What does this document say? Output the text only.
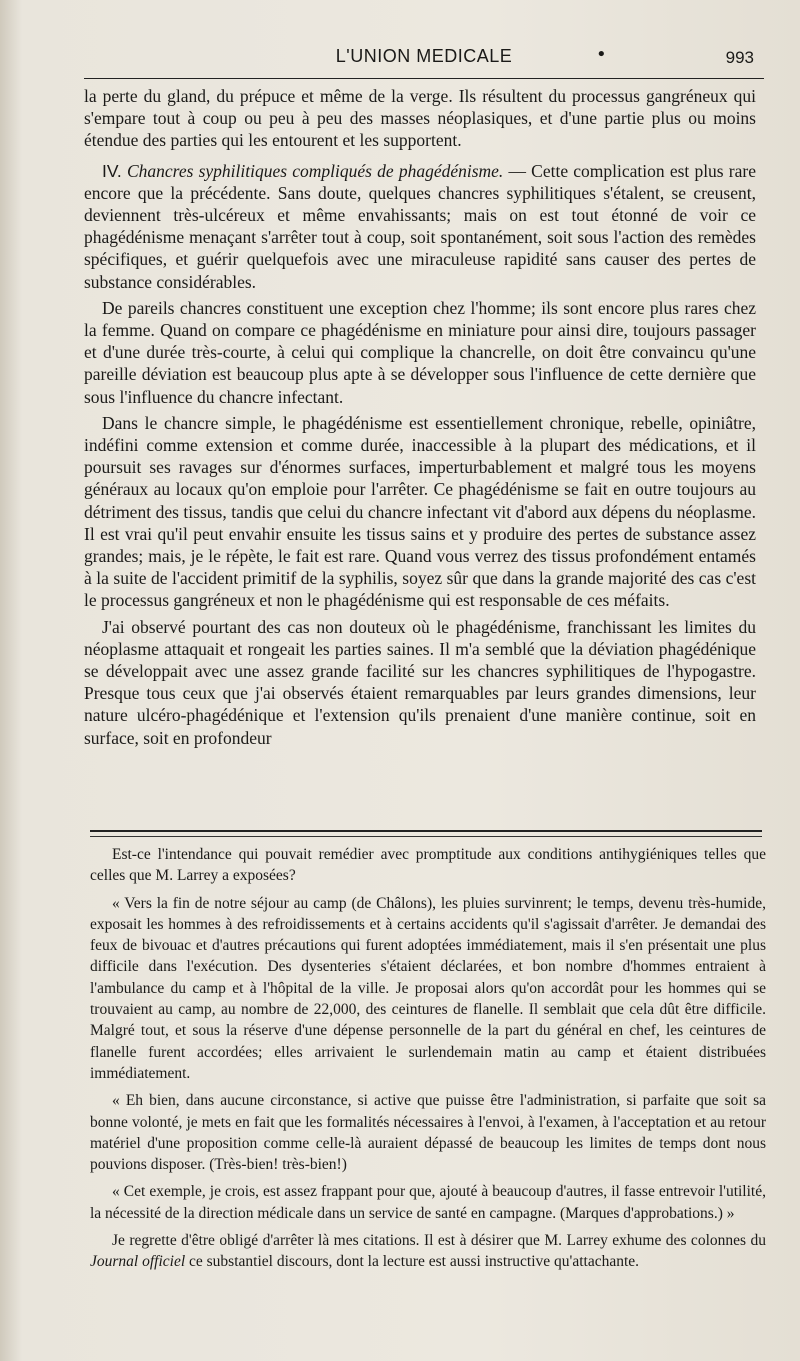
L'UNION MEDICALE	•	993

la perte du gland, du prépuce et même de la verge. Ils résultent du processus gangréneux qui s'empare tout à coup ou peu à peu des masses néoplasiques, et d'une partie plus ou moins étendue des parties qui les entourent et les supportent.

IV. Chancres syphilitiques compliqués de phagédénisme. — Cette complication est plus rare encore que la précédente. Sans doute, quelques chancres syphilitiques s'étalent, se creusent, deviennent très-ulcéreux et même envahissants; mais on est tout étonné de voir ce phagédénisme menaçant s'arrêter tout à coup, soit spontanément, soit sous l'action des remèdes spécifiques, et guérir quelquefois avec une miraculeuse rapidité sans causer des pertes de substance considérables.

De pareils chancres constituent une exception chez l'homme; ils sont encore plus rares chez la femme. Quand on compare ce phagédénisme en miniature pour ainsi dire, toujours passager et d'une durée très-courte, à celui qui complique la chancrelle, on doit être convaincu qu'une pareille déviation est beaucoup plus apte à se développer sous l'influence de cette dernière que sous l'influence du chancre infectant.

Dans le chancre simple, le phagédénisme est essentiellement chronique, rebelle, opiniâtre, indéfini comme extension et comme durée, inaccessible à la plupart des médications, et il poursuit ses ravages sur d'énormes surfaces, imperturbablement et malgré tous les moyens généraux au locaux qu'on emploie pour l'arrêter. Ce phagédénisme se fait en outre toujours au détriment des tissus, tandis que celui du chancre infectant vit d'abord aux dépens du néoplasme. Il est vrai qu'il peut envahir ensuite les tissus sains et y produire des pertes de substance assez grandes; mais, je le répète, le fait est rare. Quand vous verrez des tissus profondément entamés à la suite de l'accident primitif de la syphilis, soyez sûr que dans la grande majorité des cas c'est le processus gangréneux et non le phagédénisme qui est responsable de ces méfaits.

J'ai observé pourtant des cas non douteux où le phagédénisme, franchissant les limites du néoplasme attaquait et rongeait les parties saines. Il m'a semblé que la déviation phagédénique se développait avec une assez grande facilité sur les chancres syphilitiques de l'hypogastre. Presque tous ceux que j'ai observés étaient remarquables par leurs grandes dimensions, leur nature ulcéro-phagédénique et l'extension qu'ils prenaient d'une manière continue, soit en surface, soit en profondeur

Est-ce l'intendance qui pouvait remédier avec promptitude aux conditions antihygiéniques telles que celles que M. Larrey a exposées?

« Vers la fin de notre séjour au camp (de Châlons), les pluies survinrent; le temps, devenu très-humide, exposait les hommes à des refroidissements et à certains accidents qu'il s'agissait d'arrêter. Je demandai des feux de bivouac et d'autres précautions qui furent adoptées immédiatement, mais il s'en présentait une plus difficile dans l'exécution. Des dysenteries s'étaient déclarées, et bon nombre d'hommes entraient à l'ambulance du camp et à l'hôpital de la ville. Je proposai alors qu'on accordât pour les hommes qui se trouvaient au camp, au nombre de 22,000, des ceintures de flanelle. Il semblait que cela dût être difficile. Malgré tout, et sous la réserve d'une dépense personnelle de la part du général en chef, les ceintures de flanelle furent accordées; elles arrivaient le surlendemain matin au camp et étaient distribuées immédiatement.

« Eh bien, dans aucune circonstance, si active que puisse être l'administration, si parfaite que soit sa bonne volonté, je mets en fait que les formalités nécessaires à l'envoi, à l'examen, à l'acceptation et au retour matériel d'une proposition comme celle-là auraient dépassé de beaucoup les limites de temps dont nous pouvions disposer. (Très-bien! très-bien!)

« Cet exemple, je crois, est assez frappant pour que, ajouté à beaucoup d'autres, il fasse entrevoir l'utilité, la nécessité de la direction médicale dans un service de santé en campagne. (Marques d'approbations.) »

Je regrette d'être obligé d'arrêter là mes citations. Il est à désirer que M. Larrey exhume des colonnes du Journal officiel ce substantiel discours, dont la lecture est aussi instructive qu'attachante.
